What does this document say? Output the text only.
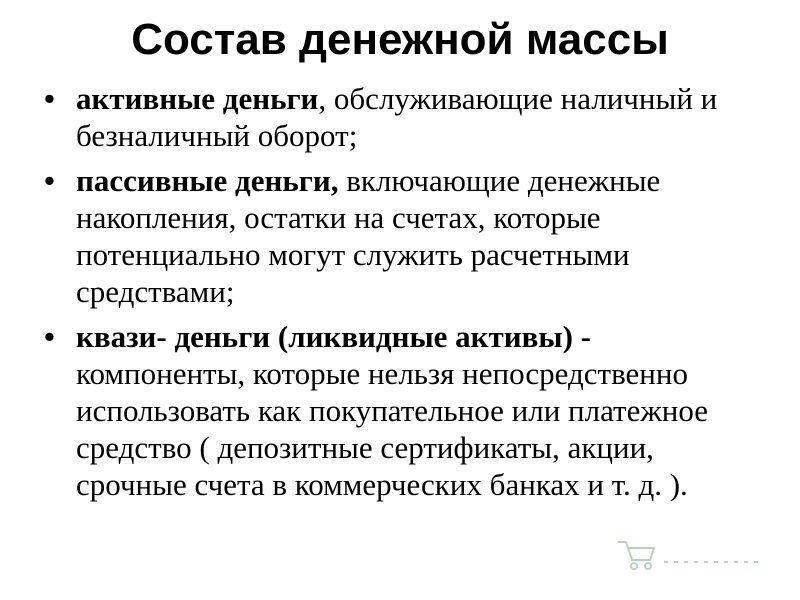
Состав денежной массы
• активные деньги, обслуживающие наличный и безналичный оборот;
• пассивные деньги, включающие денежные накопления, остатки на счетах, которые потенциально могут служить расчетными средствами;
• квази- деньги (ликвидные активы) - компоненты, которые нельзя непосредственно использовать как покупательное или платежное средство ( депозитные сертификаты, акции, срочные счета в коммерческих банках и т. д. ).
